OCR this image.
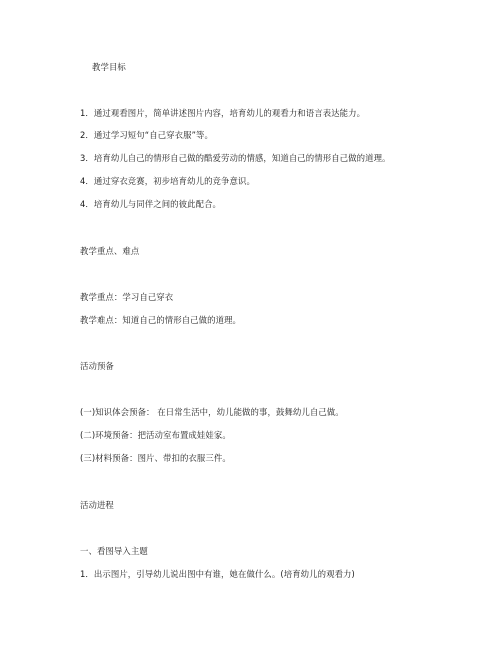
教学目标
1．通过观看图片，简单讲述图片内容，培育幼儿的观看力和语言表达能力。
2．通过学习短句“自己穿衣服”等。
3．培育幼儿自己的情形自己做的酷爱劳动的情感，知道自己的情形自己做的道理。
4．通过穿衣竞赛，初步培育幼儿的竞争意识。
4．培育幼儿与同伴之间的彼此配合。
教学重点、难点
教学重点：学习自己穿衣
教学难点：知道自己的情形自己做的道理。
活动预备
(一)知识体会预备： 在日常生活中，幼儿能做的事，鼓舞幼儿自己做。
(二)环境预备：把活动室布置成娃娃家。
(三)材料预备：图片、带扣的衣服三件。
活动进程
一、看图导入主题
1．出示图片，引导幼儿说出图中有谁，她在做什么。(培育幼儿的观看力)
